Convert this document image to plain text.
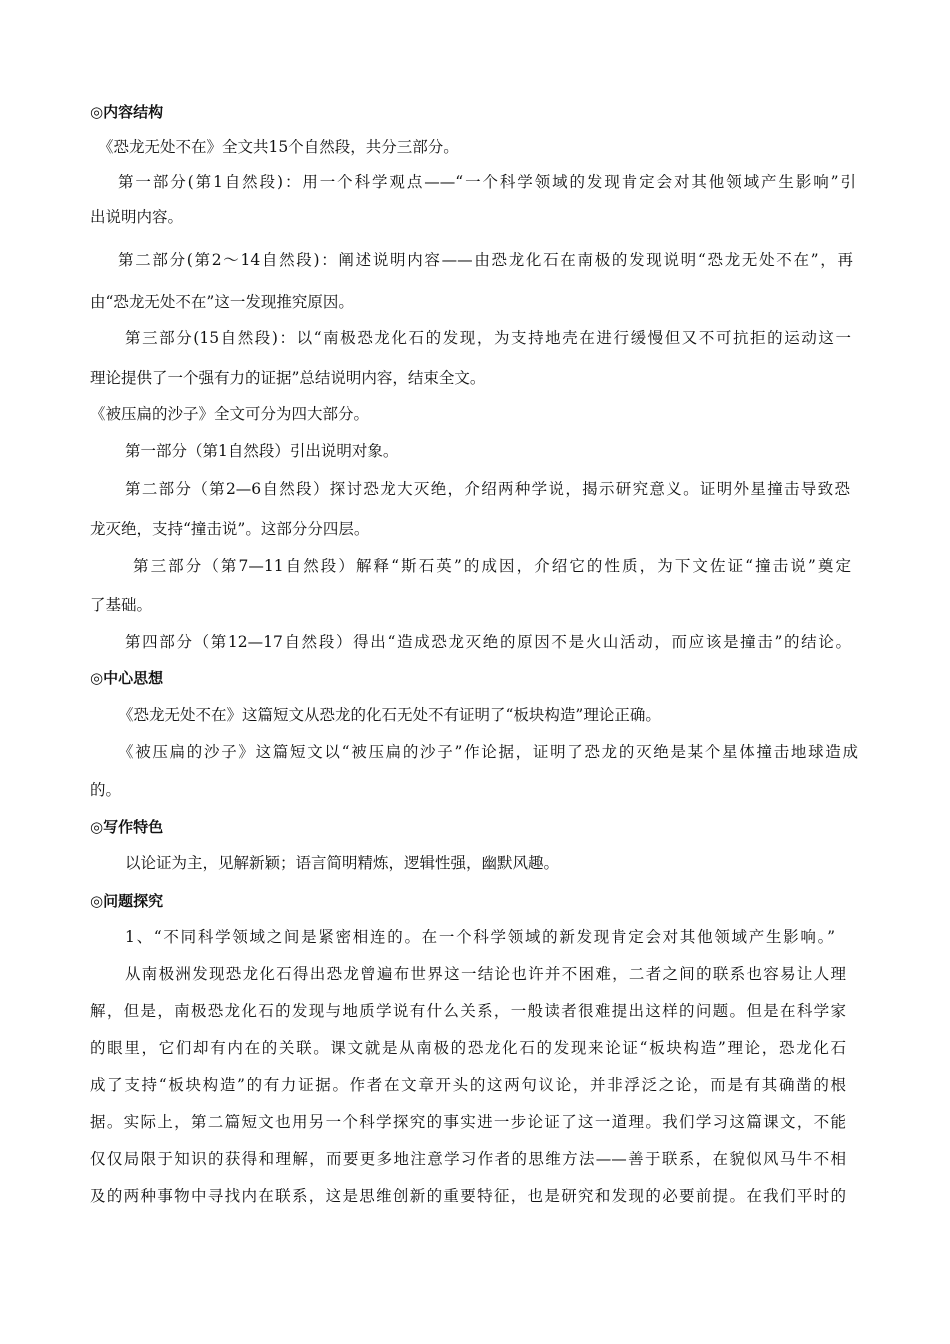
◎内容结构
《恐龙无处不在》全文共15个自然段，共分三部分。
第一部分(第1自然段)：用一个科学观点——“一个科学领域的发现肯定会对其他领域产生影响”引
出说明内容。
第二部分(第2～14自然段)：阐述说明内容——由恐龙化石在南极的发现说明“恐龙无处不在”，再
由“恐龙无处不在”这一发现推究原因。
第三部分(15自然段)：以“南极恐龙化石的发现，为支持地壳在进行缓慢但又不可抗拒的运动这一
理论提供了一个强有力的证据”总结说明内容，结束全文。
《被压扁的沙子》全文可分为四大部分。
第一部分（第1自然段）引出说明对象。
第二部分（第2—6自然段）探讨恐龙大灭绝，介绍两种学说，揭示研究意义。证明外星撞击导致恐
龙灭绝，支持“撞击说”。这部分分四层。
第三部分（第7—11自然段）解释“斯石英”的成因，介绍它的性质，为下文佐证“撞击说”奠定
了基础。
第四部分（第12—17自然段）得出“造成恐龙灭绝的原因不是火山活动，而应该是撞击”的结论。
◎中心思想
《恐龙无处不在》这篇短文从恐龙的化石无处不有证明了“板块构造”理论正确。
《被压扁的沙子》这篇短文以“被压扁的沙子”作论据，证明了恐龙的灭绝是某个星体撞击地球造成
的。
◎写作特色
以论证为主，见解新颖；语言简明精炼，逻辑性强，幽默风趣。
◎问题探究
1、“不同科学领域之间是紧密相连的。在一个科学领域的新发现肯定会对其他领域产生影响。”
从南极洲发现恐龙化石得出恐龙曾遍布世界这一结论也许并不困难，二者之间的联系也容易让人理
解，但是，南极恐龙化石的发现与地质学说有什么关系，一般读者很难提出这样的问题。但是在科学家
的眼里，它们却有内在的关联。课文就是从南极的恐龙化石的发现来论证“板块构造”理论，恐龙化石
成了支持“板块构造”的有力证据。作者在文章开头的这两句议论，并非浮泛之论，而是有其确凿的根
据。实际上，第二篇短文也用另一个科学探究的事实进一步论证了这一道理。我们学习这篇课文，不能
仅仅局限于知识的获得和理解，而要更多地注意学习作者的思维方法——善于联系，在貌似风马牛不相
及的两种事物中寻找内在联系，这是思维创新的重要特征，也是研究和发现的必要前提。在我们平时的
